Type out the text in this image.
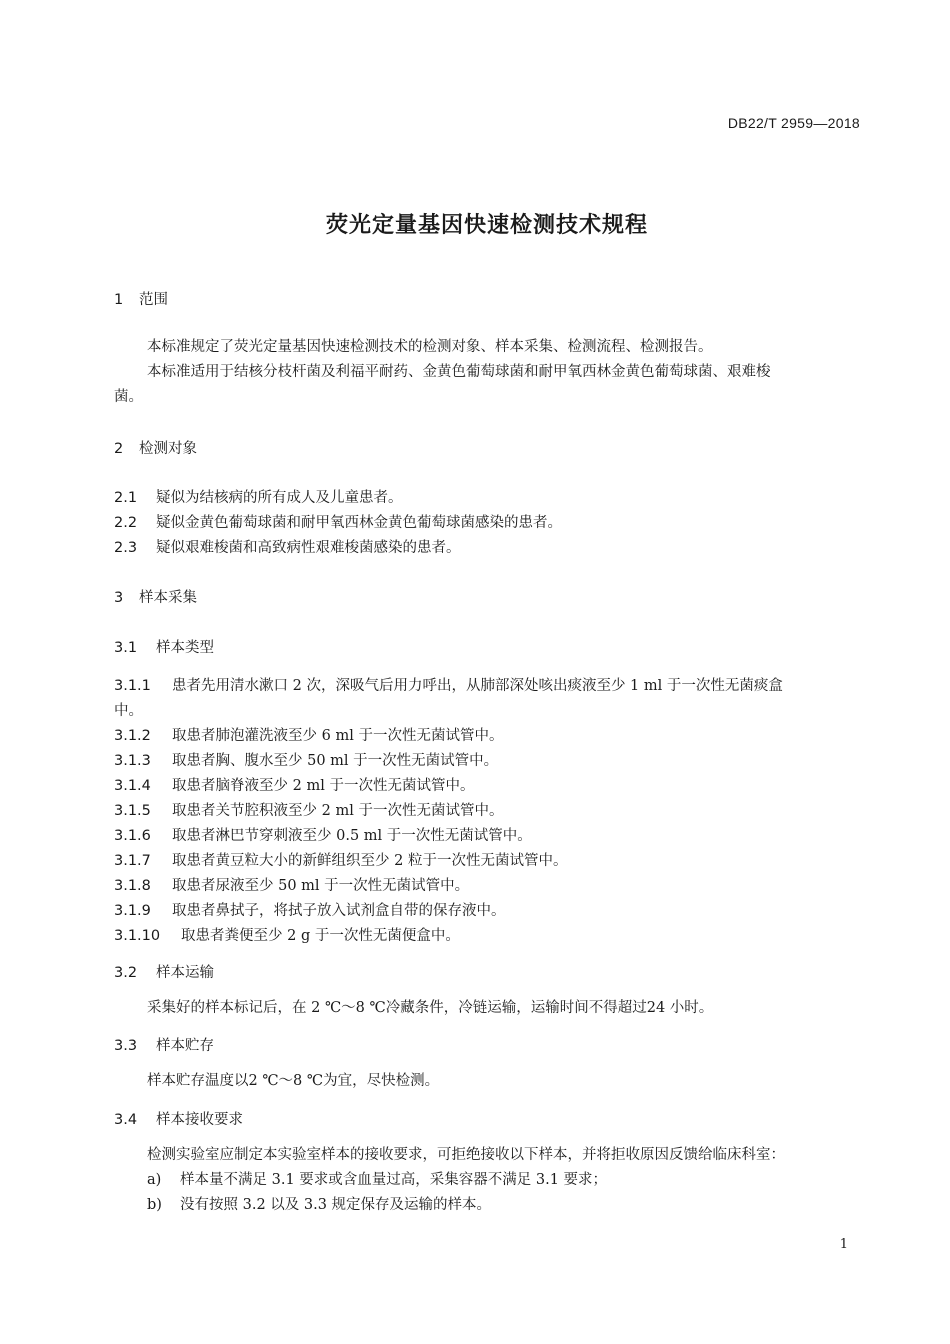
DB22/T 2959—2018
荧光定量基因快速检测技术规程
1 范围
本标准规定了荧光定量基因快速检测技术的检测对象、样本采集、检测流程、检测报告。
本标准适用于结核分枝杆菌及利福平耐药、金黄色葡萄球菌和耐甲氧西林金黄色葡萄球菌、艰难梭
菌。
2 检测对象
2.1 疑似为结核病的所有成人及儿童患者。
2.2 疑似金黄色葡萄球菌和耐甲氧西林金黄色葡萄球菌感染的患者。
2.3 疑似艰难梭菌和高致病性艰难梭菌感染的患者。
3 样本采集
3.1 样本类型
3.1.1 患者先用清水漱口 2 次，深吸气后用力呼出，从肺部深处咳出痰液至少 1 ml 于一次性无菌痰盒
中。
3.1.2 取患者肺泡灌洗液至少 6 ml 于一次性无菌试管中。
3.1.3 取患者胸、腹水至少 50 ml 于一次性无菌试管中。
3.1.4 取患者脑脊液至少 2 ml 于一次性无菌试管中。
3.1.5 取患者关节腔积液至少 2 ml 于一次性无菌试管中。
3.1.6 取患者淋巴节穿刺液至少 0.5 ml 于一次性无菌试管中。
3.1.7 取患者黄豆粒大小的新鲜组织至少 2 粒于一次性无菌试管中。
3.1.8 取患者尿液至少 50 ml 于一次性无菌试管中。
3.1.9 取患者鼻拭子，将拭子放入试剂盒自带的保存液中。
3.1.10 取患者粪便至少 2 g 于一次性无菌便盒中。
3.2 样本运输
采集好的样本标记后，在 2 ℃～8 ℃冷藏条件，冷链运输，运输时间不得超过24 小时。
3.3 样本贮存
样本贮存温度以2 ℃～8 ℃为宜，尽快检测。
3.4 样本接收要求
检测实验室应制定本实验室样本的接收要求，可拒绝接收以下样本，并将拒收原因反馈给临床科室：
a) 样本量不满足 3.1 要求或含血量过高，采集容器不满足 3.1 要求；
b) 没有按照 3.2 以及 3.3 规定保存及运输的样本。
1
